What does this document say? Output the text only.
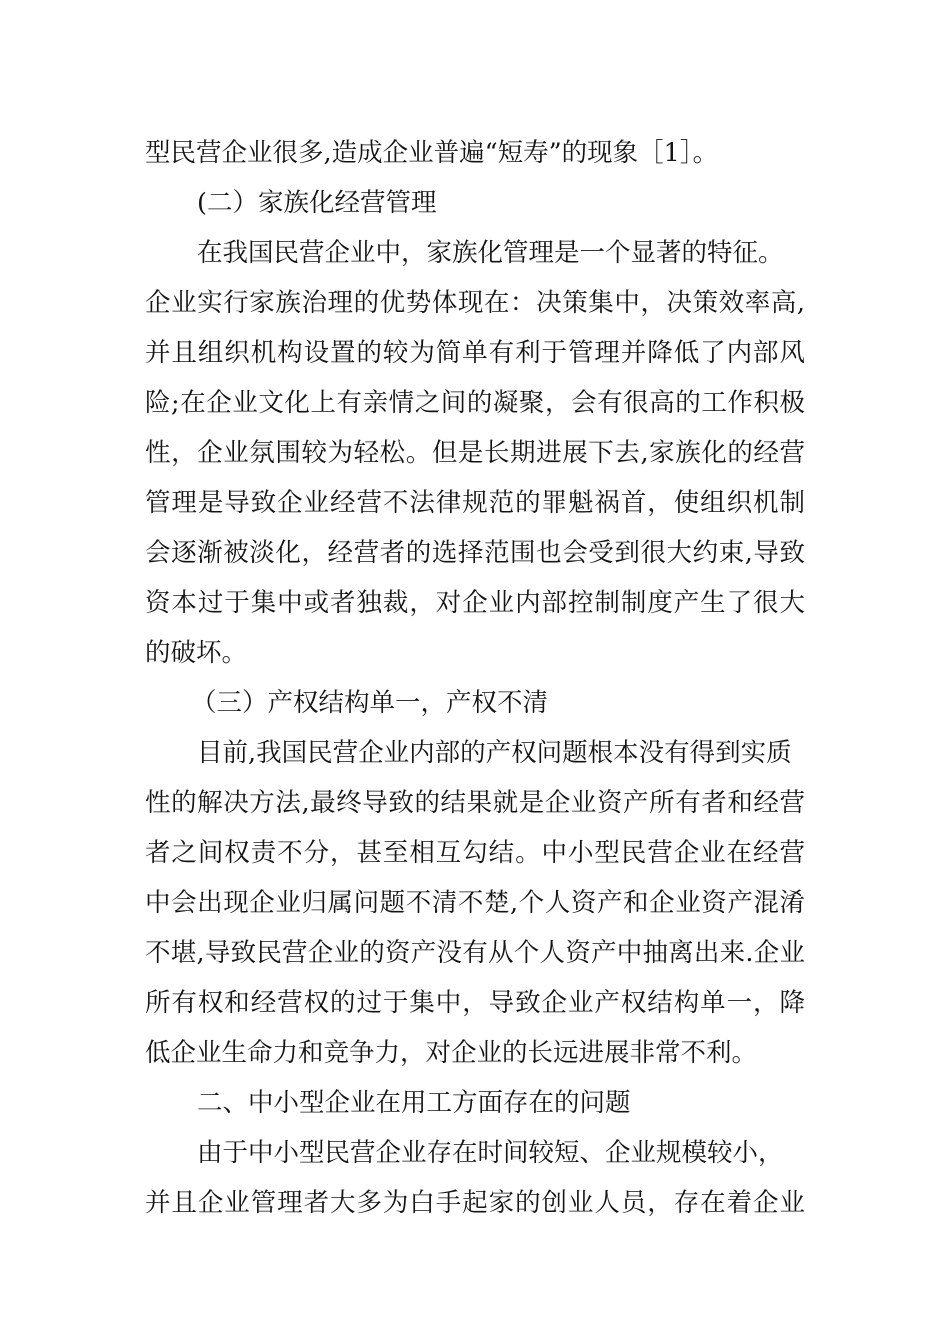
型民营企业很多,造成企业普遍“短寿”的现象［1］。
(二）家族化经营管理
在我国民营企业中，家族化管理是一个显著的特征。
企业实行家族治理的优势体现在：决策集中，决策效率高,
并且组织机构设置的较为简单有利于管理并降低了内部风
险;在企业文化上有亲情之间的凝聚，会有很高的工作积极
性，企业氛围较为轻松。但是长期进展下去,家族化的经营
管理是导致企业经营不法律规范的罪魁祸首，使组织机制
会逐渐被淡化，经营者的选择范围也会受到很大约束,导致
资本过于集中或者独裁，对企业内部控制制度产生了很大
的破坏。
（三）产权结构单一，产权不清
目前,我国民营企业内部的产权问题根本没有得到实质
性的解决方法,最终导致的结果就是企业资产所有者和经营
者之间权责不分，甚至相互勾结。中小型民营企业在经营
中会出现企业归属问题不清不楚,个人资产和企业资产混淆
不堪,导致民营企业的资产没有从个人资产中抽离出来.企业
所有权和经营权的过于集中，导致企业产权结构单一，降
低企业生命力和竞争力，对企业的长远进展非常不利。
二、中小型企业在用工方面存在的问题
由于中小型民营企业存在时间较短、企业规模较小，
并且企业管理者大多为白手起家的创业人员，存在着企业
